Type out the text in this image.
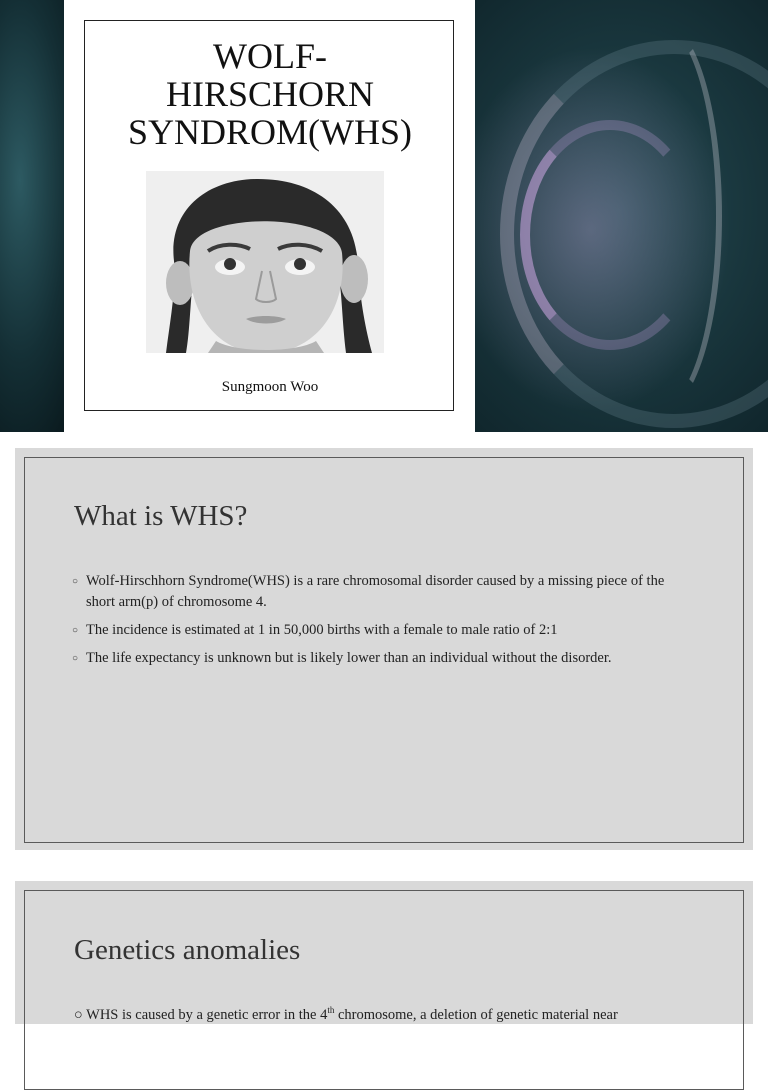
WOLF-
HIRSCHORN
SYNDROM(WHS)
Sungmoon Woo
What is WHS?
○ Wolf-Hirschhorn Syndrome(WHS) is a rare chromosomal disorder caused by a missing piece of the short arm(p) of chromosome 4.
○ The incidence is estimated at 1 in 50,000 births with a female to male ratio of 2:1
○ The life expectancy is unknown but is likely lower than an individual without the disorder.
Genetics anomalies
○ WHS is caused by a genetic error in the 4th chromosome, a deletion of genetic material near
